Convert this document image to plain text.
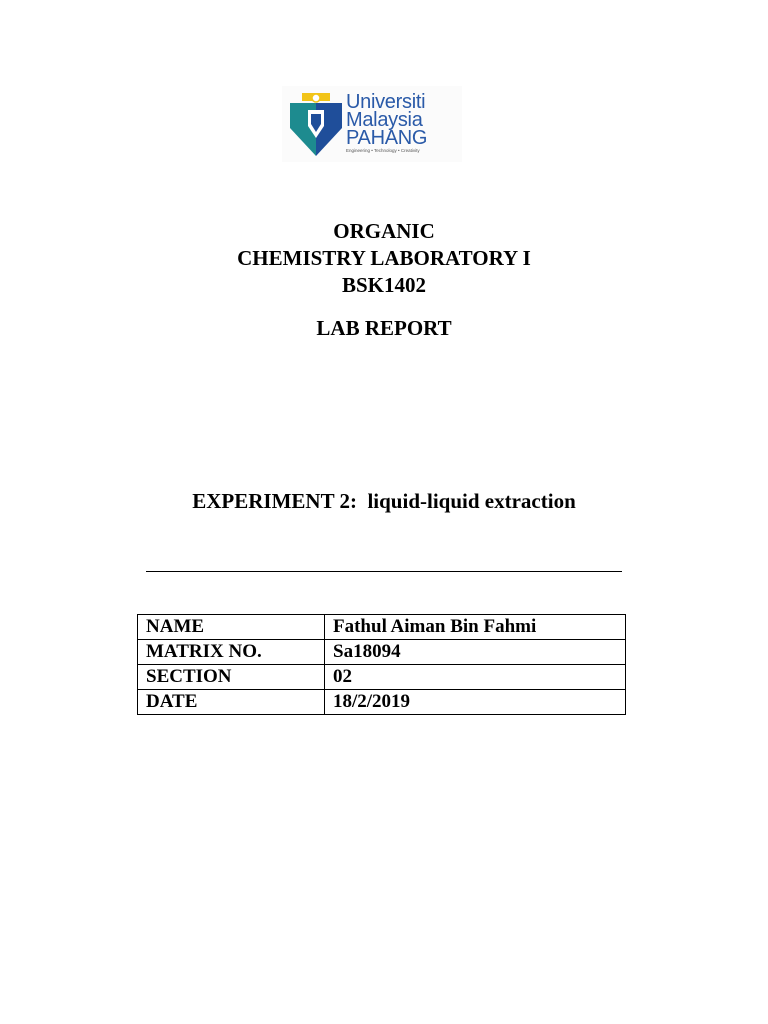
Universiti
Malaysia
PAHANG
Engineering • Technology • Creativity
ORGANIC
CHEMISTRY LABORATORY I
BSK1402
LAB REPORT
EXPERIMENT 2:  liquid-liquid extraction
NAME	Fathul Aiman Bin Fahmi
MATRIX NO.	Sa18094
SECTION	02
DATE	18/2/2019
